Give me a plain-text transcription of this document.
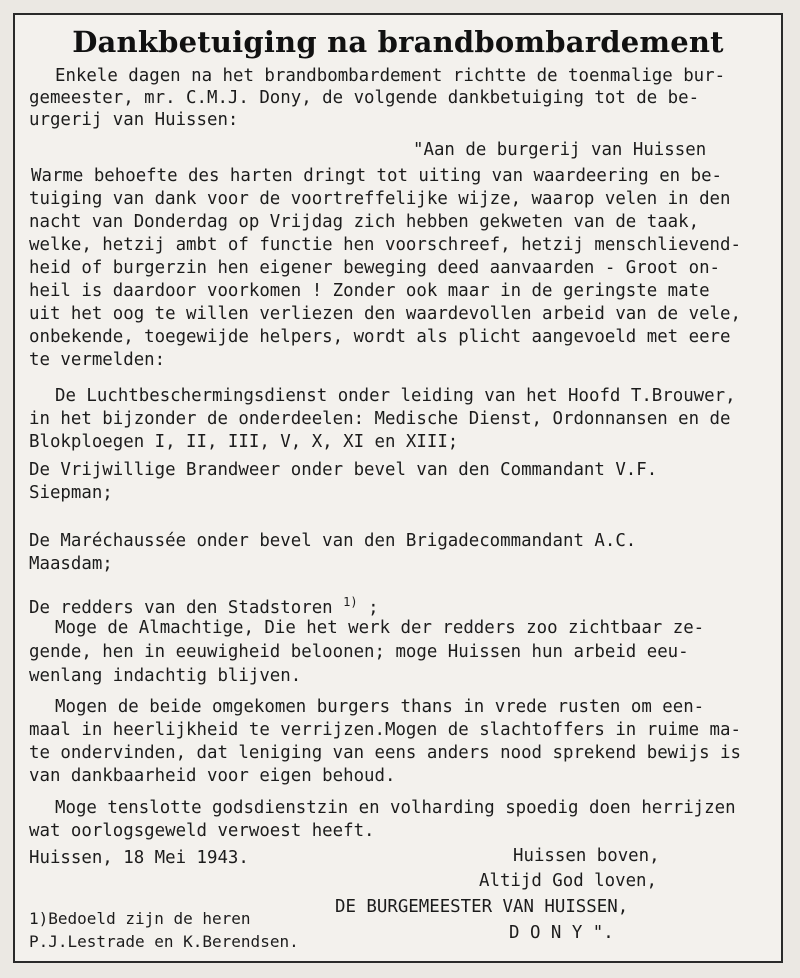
Dankbetuiging na brandbombardement
Enkele dagen na het brandbombardement richtte de toenmalige bur-
gemeester, mr. C.M.J. Dony, de volgende dankbetuiging tot de be-
urgerij van Huissen:
"Aan de burgerij van Huissen
Warme behoefte des harten dringt tot uiting van waardeering en be-
tuiging van dank voor de voortreffelijke wijze, waarop velen in den
nacht van Donderdag op Vrijdag zich hebben gekweten van de taak,
welke, hetzij ambt of functie hen voorschreef, hetzij menschlievend-
heid of burgerzin hen eigener beweging deed aanvaarden - Groot on-
heil is daardoor voorkomen ! Zonder ook maar in de geringste mate
uit het oog te willen verliezen den waardevollen arbeid van de vele,
onbekende, toegewijde helpers, wordt als plicht aangevoeld met eere
te vermelden:
De Luchtbeschermingsdienst onder leiding van het Hoofd T.Brouwer,
in het bijzonder de onderdeelen: Medische Dienst, Ordonnansen en de
Blokploegen I, II, III, V, X, XI en XIII;
De Vrijwillige Brandweer onder bevel van den Commandant V.F.
Siepman;
De Maréchaussée onder bevel van den Brigadecommandant A.C.
Maasdam;
De redders van den Stadstoren $^{1)}$ ;
Moge de Almachtige, Die het werk der redders zoo zichtbaar ze-
gende, hen in eeuwigheid beloonen; moge Huissen hun arbeid eeu-
wenlang indachtig blijven.
Mogen de beide omgekomen burgers thans in vrede rusten om een-
maal in heerlijkheid te verrijzen.Mogen de slachtoffers in ruime ma-
te ondervinden, dat leniging van eens anders nood sprekend bewijs is
van dankbaarheid voor eigen behoud.
Moge tenslotte godsdienstzin en volharding spoedig doen herrijzen
wat oorlogsgeweld verwoest heeft.
Huissen, 18 Mei 1943.	Huissen boven,
Altijd God loven,
DE BURGEMEESTER VAN HUISSEN,
D O N Y ".
1)Bedoeld zijn de heren
P.J.Lestrade en K.Berendsen.
